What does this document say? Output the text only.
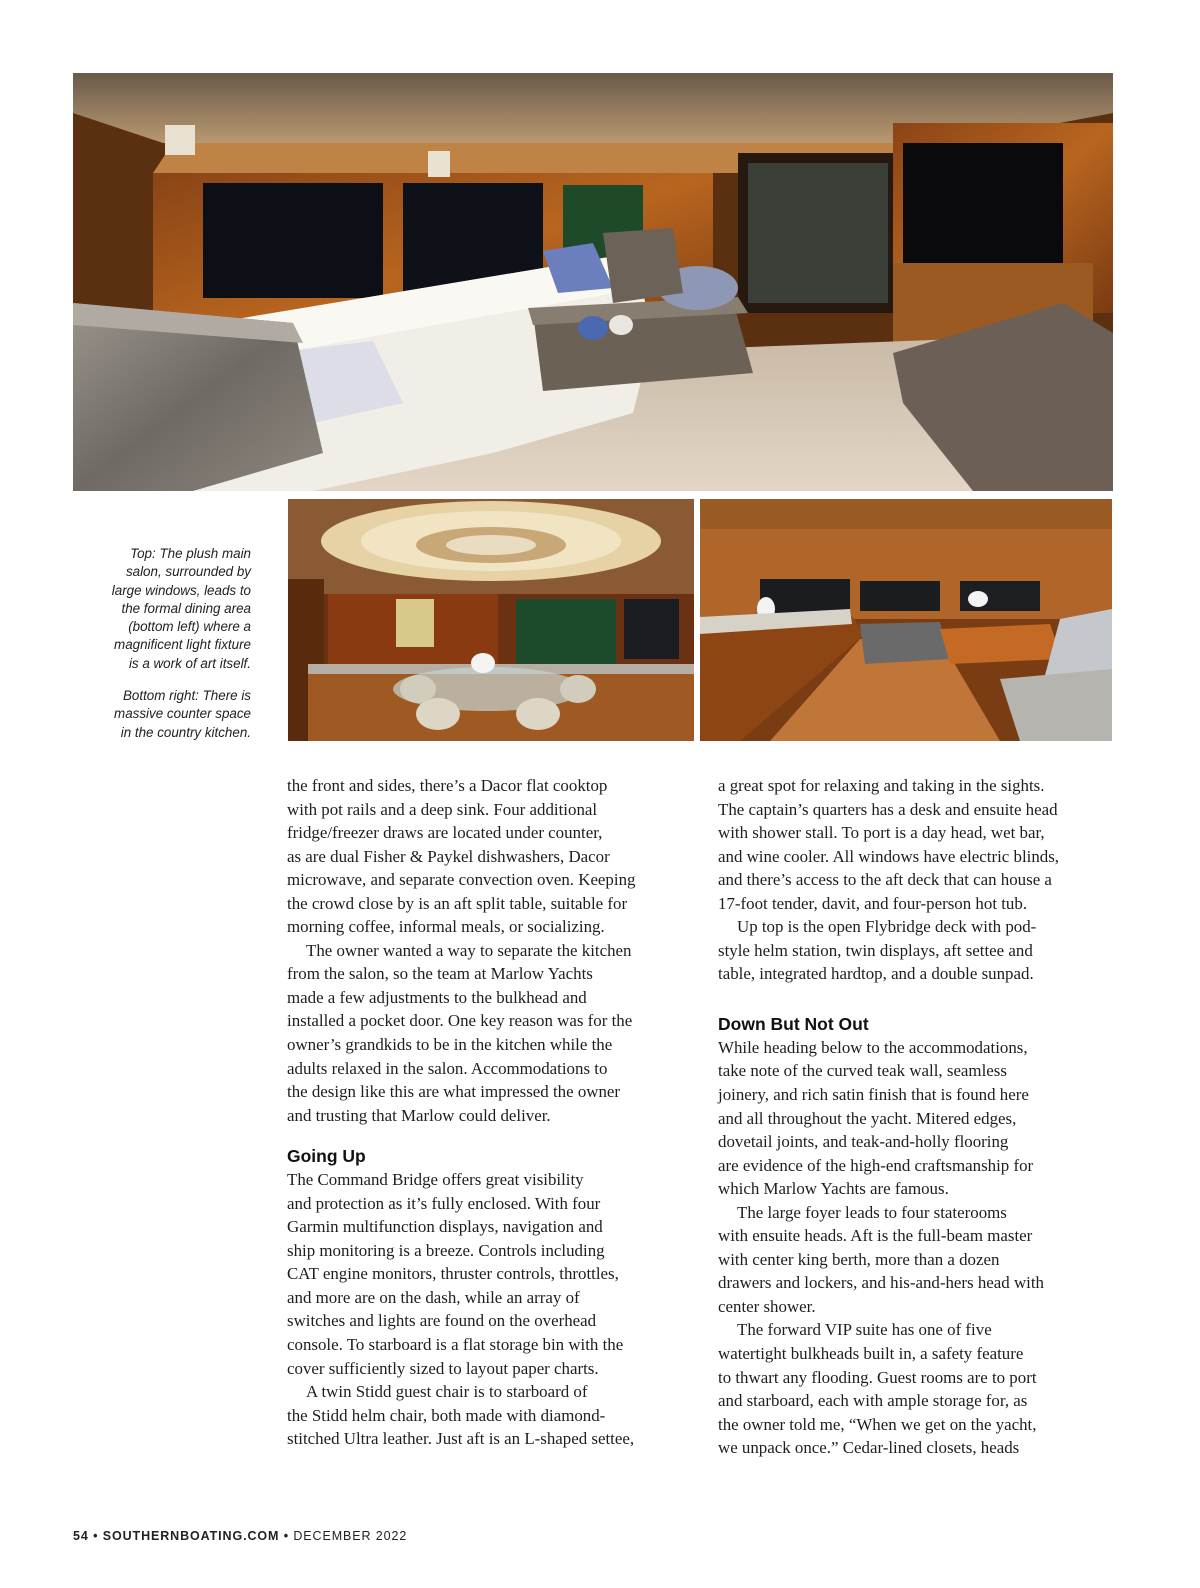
Top: The plush main
salon, surrounded by
large windows, leads to
the formal dining area
(bottom left) where a
magnificent light fixture
is a work of art itself.

Bottom right: There is
massive counter space
in the country kitchen.

the front and sides, there’s a Dacor flat cooktop
with pot rails and a deep sink. Four additional
fridge/freezer draws are located under counter,
as are dual Fisher & Paykel dishwashers, Dacor
microwave, and separate convection oven. Keeping
the crowd close by is an aft split table, suitable for
morning coffee, informal meals, or socializing.

The owner wanted a way to separate the kitchen
from the salon, so the team at Marlow Yachts
made a few adjustments to the bulkhead and
installed a pocket door. One key reason was for the
owner’s grandkids to be in the kitchen while the
adults relaxed in the salon. Accommodations to
the design like this are what impressed the owner
and trusting that Marlow could deliver.

Going Up

The Command Bridge offers great visibility
and protection as it’s fully enclosed. With four
Garmin multifunction displays, navigation and
ship monitoring is a breeze. Controls including
CAT engine monitors, thruster controls, throttles,
and more are on the dash, while an array of
switches and lights are found on the overhead
console. To starboard is a flat storage bin with the
cover sufficiently sized to layout paper charts.

A twin Stidd guest chair is to starboard of
the Stidd helm chair, both made with diamond-
stitched Ultra leather. Just aft is an L-shaped settee,

a great spot for relaxing and taking in the sights.
The captain’s quarters has a desk and ensuite head
with shower stall. To port is a day head, wet bar,
and wine cooler. All windows have electric blinds,
and there’s access to the aft deck that can house a
17-foot tender, davit, and four-person hot tub.

Up top is the open Flybridge deck with pod-
style helm station, twin displays, aft settee and
table, integrated hardtop, and a double sunpad.

Down But Not Out

While heading below to the accommodations,
take note of the curved teak wall, seamless
joinery, and rich satin finish that is found here
and all throughout the yacht. Mitered edges,
dovetail joints, and teak-and-holly flooring
are evidence of the high-end craftsmanship for
which Marlow Yachts are famous.

The large foyer leads to four staterooms
with ensuite heads. Aft is the full-beam master
with center king berth, more than a dozen
drawers and lockers, and his-and-hers head with
center shower.

The forward VIP suite has one of five
watertight bulkheads built in, a safety feature
to thwart any flooding. Guest rooms are to port
and starboard, each with ample storage for, as
the owner told me, “When we get on the yacht,
we unpack once.” Cedar-lined closets, heads

54 • SOUTHERNBOATING.COM • DECEMBER 2022
